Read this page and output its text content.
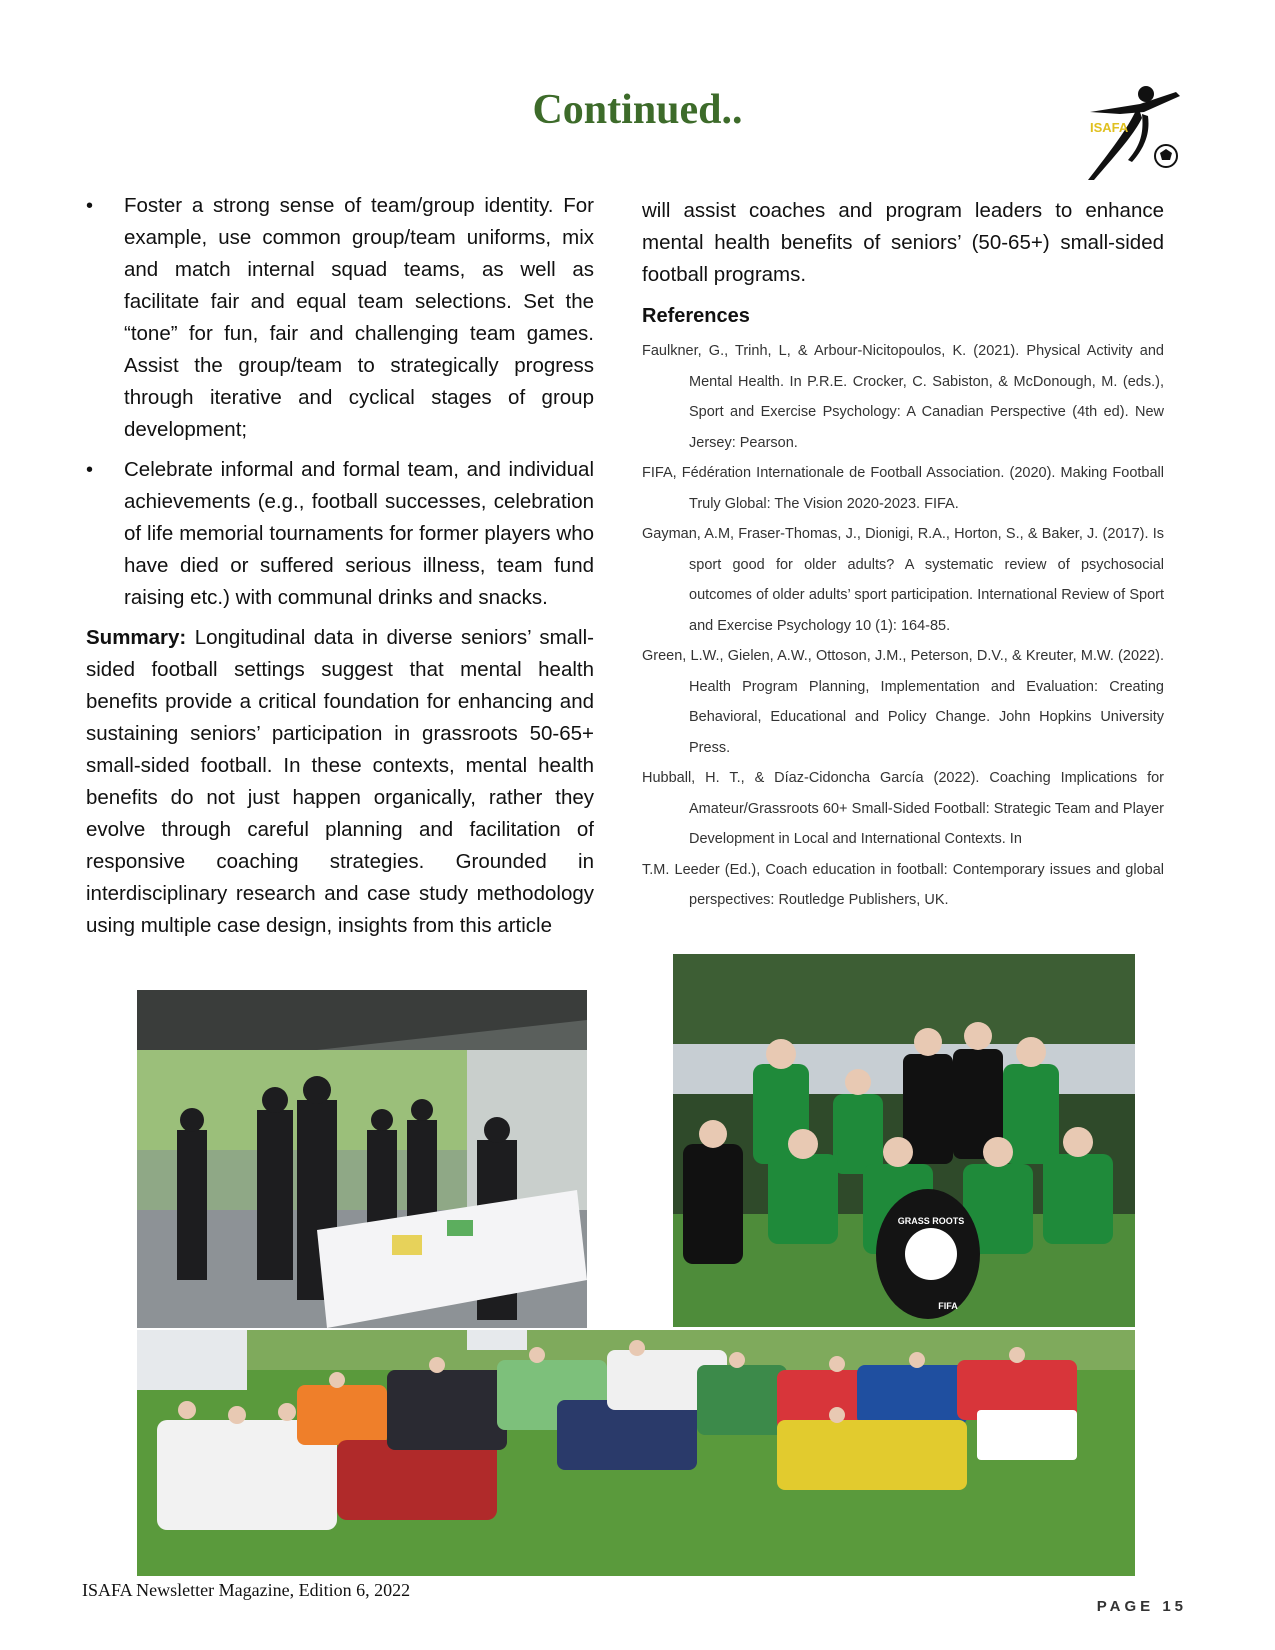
Continued..	ISAFA
• Foster a strong sense of team/group identity. For example, use common group/team uniforms, mix and match internal squad teams, as well as facilitate fair and equal team selections. Set the “tone” for fun, fair and challenging team games. Assist the group/team to strategically progress through iterative and cyclical stages of group development;
• Celebrate informal and formal team, and individual achievements (e.g., football successes, celebration of life memorial tournaments for former players who have died or suffered serious illness, team fund raising etc.) with communal drinks and snacks.

Summary: Longitudinal data in diverse seniors’ small-sided football settings suggest that mental health benefits provide a critical foundation for enhancing and sustaining seniors’ participation in grassroots 50-65+ small-sided football. In these contexts, mental health benefits do not just happen organically, rather they evolve through careful planning and facilitation of responsive coaching strategies. Grounded in interdisciplinary research and case study methodology using multiple case design, insights from this article

will assist coaches and program leaders to enhance mental health benefits of seniors’ (50-65+) small-sided football programs.

References

Faulkner, G., Trinh, L, & Arbour-Nicitopoulos, K. (2021). Physical Activity and Mental Health. In P.R.E. Crocker, C. Sabiston, & McDonough, M. (eds.), Sport and Exercise Psychology: A Canadian Perspective (4th ed). New Jersey: Pearson.

FIFA, Fédération Internationale de Football Association. (2020). Making Football Truly Global: The Vision 2020-2023. FIFA.

Gayman, A.M, Fraser-Thomas, J., Dionigi, R.A., Horton, S., & Baker, J. (2017). Is sport good for older adults? A systematic review of psychosocial outcomes of older adults’ sport participation. International Review of Sport and Exercise Psychology 10 (1): 164-85.

Green, L.W., Gielen, A.W., Ottoson, J.M., Peterson, D.V., & Kreuter, M.W. (2022). Health Program Planning, Implementation and Evaluation: Creating Behavioral, Educational and Policy Change. John Hopkins University Press.

Hubball, H. T., & Díaz-Cidoncha García (2022). Coaching Implications for Amateur/Grassroots 60+ Small-Sided Football: Strategic Team and Player Development in Local and International Contexts. In

T.M. Leeder (Ed.), Coach education in football: Contemporary issues and global perspectives: Routledge Publishers, UK.

GRASS ROOTS
FIFA
ISAFA Newsletter Magazine, Edition 6, 2022
PAGE 15
